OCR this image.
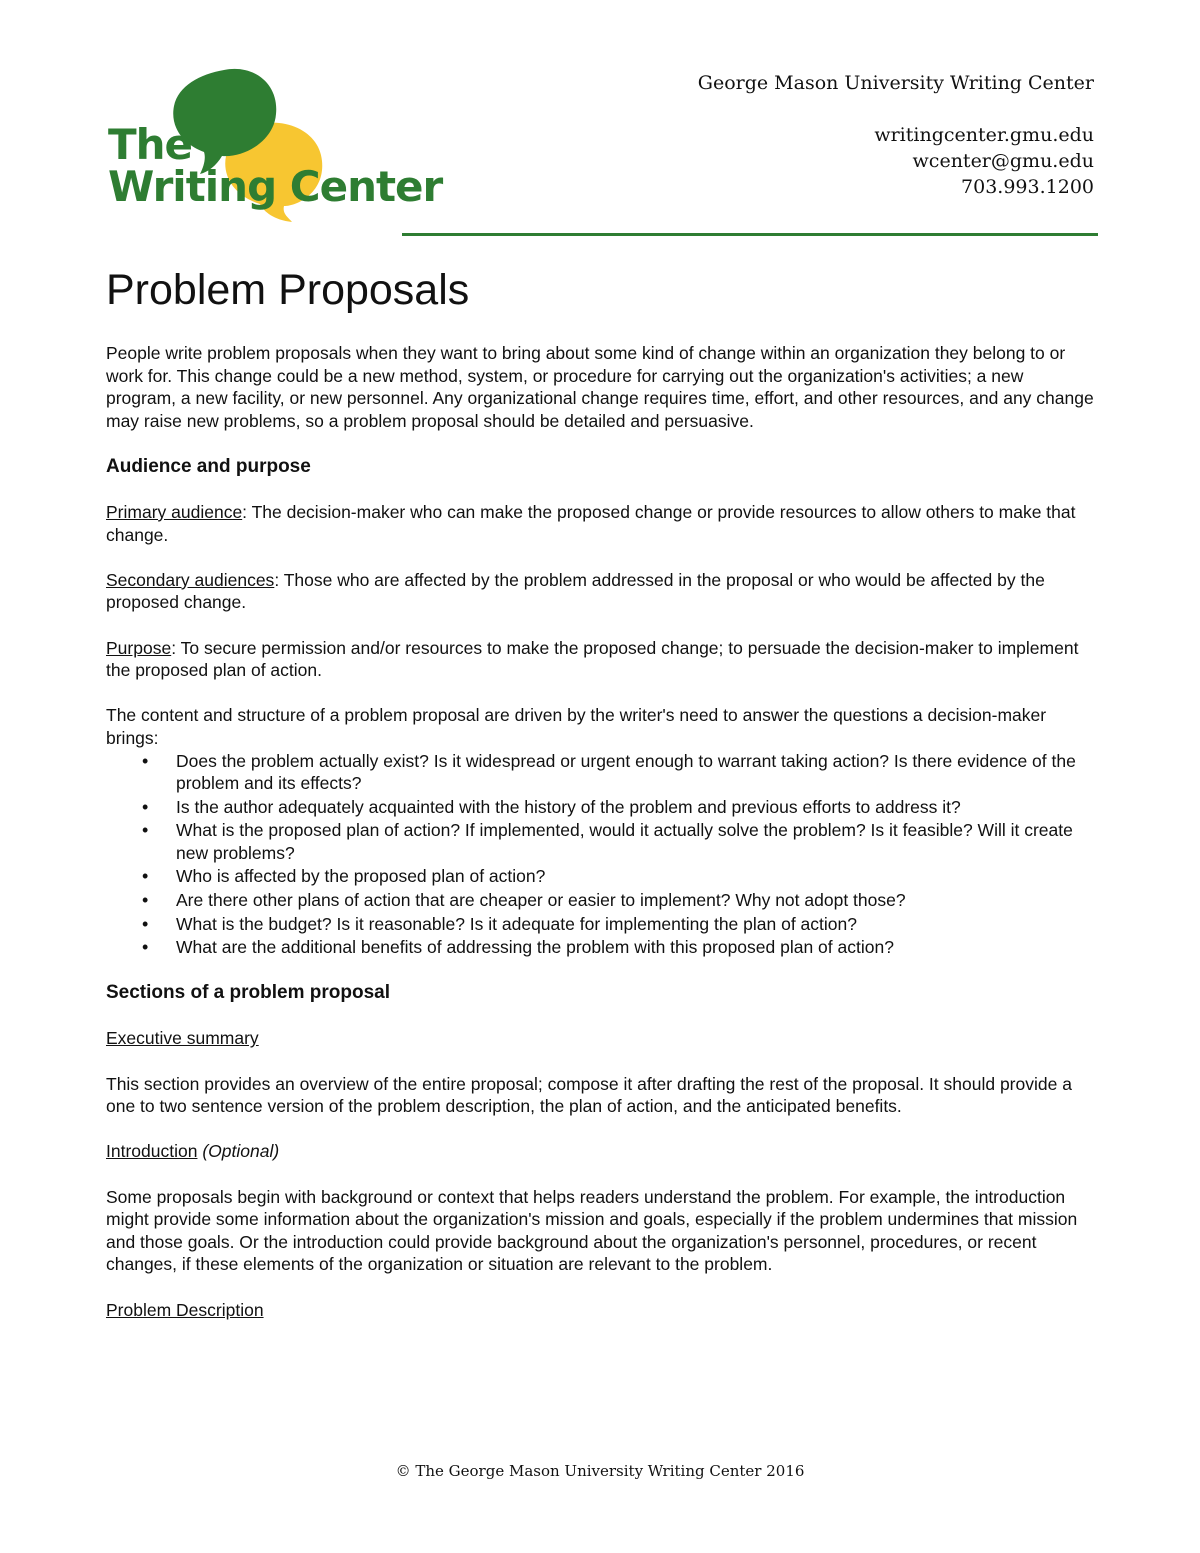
The
Writing Center
George Mason University Writing Center
writingcenter.gmu.edu
wcenter@gmu.edu
703.993.1200
Problem Proposals

People write problem proposals when they want to bring about some kind of change within an organization they belong to or work for. This change could be a new method, system, or procedure for carrying out the organization's activities; a new program, a new facility, or new personnel. Any organizational change requires time, effort, and other resources, and any change may raise new problems, so a problem proposal should be detailed and persuasive.

Audience and purpose

Primary audience: The decision-maker who can make the proposed change or provide resources to allow others to make that change.

Secondary audiences: Those who are affected by the problem addressed in the proposal or who would be affected by the proposed change.

Purpose: To secure permission and/or resources to make the proposed change; to persuade the decision-maker to implement the proposed plan of action.

The content and structure of a problem proposal are driven by the writer's need to answer the questions a decision-maker brings:

• Does the problem actually exist? Is it widespread or urgent enough to warrant taking action? Is there evidence of the problem and its effects?
• Is the author adequately acquainted with the history of the problem and previous efforts to address it?
• What is the proposed plan of action? If implemented, would it actually solve the problem? Is it feasible? Will it create new problems?
• Who is affected by the proposed plan of action?
• Are there other plans of action that are cheaper or easier to implement? Why not adopt those?
• What is the budget? Is it reasonable? Is it adequate for implementing the plan of action?
• What are the additional benefits of addressing the problem with this proposed plan of action?
Sections of a problem proposal

Executive summary

This section provides an overview of the entire proposal; compose it after drafting the rest of the proposal. It should provide a one to two sentence version of the problem description, the plan of action, and the anticipated benefits.

Introduction (Optional)

Some proposals begin with background or context that helps readers understand the problem. For example, the introduction might provide some information about the organization's mission and goals, especially if the problem undermines that mission and those goals. Or the introduction could provide background about the organization's personnel, procedures, or recent changes, if these elements of the organization or situation are relevant to the problem.

Problem Description

© The George Mason University Writing Center 2016
